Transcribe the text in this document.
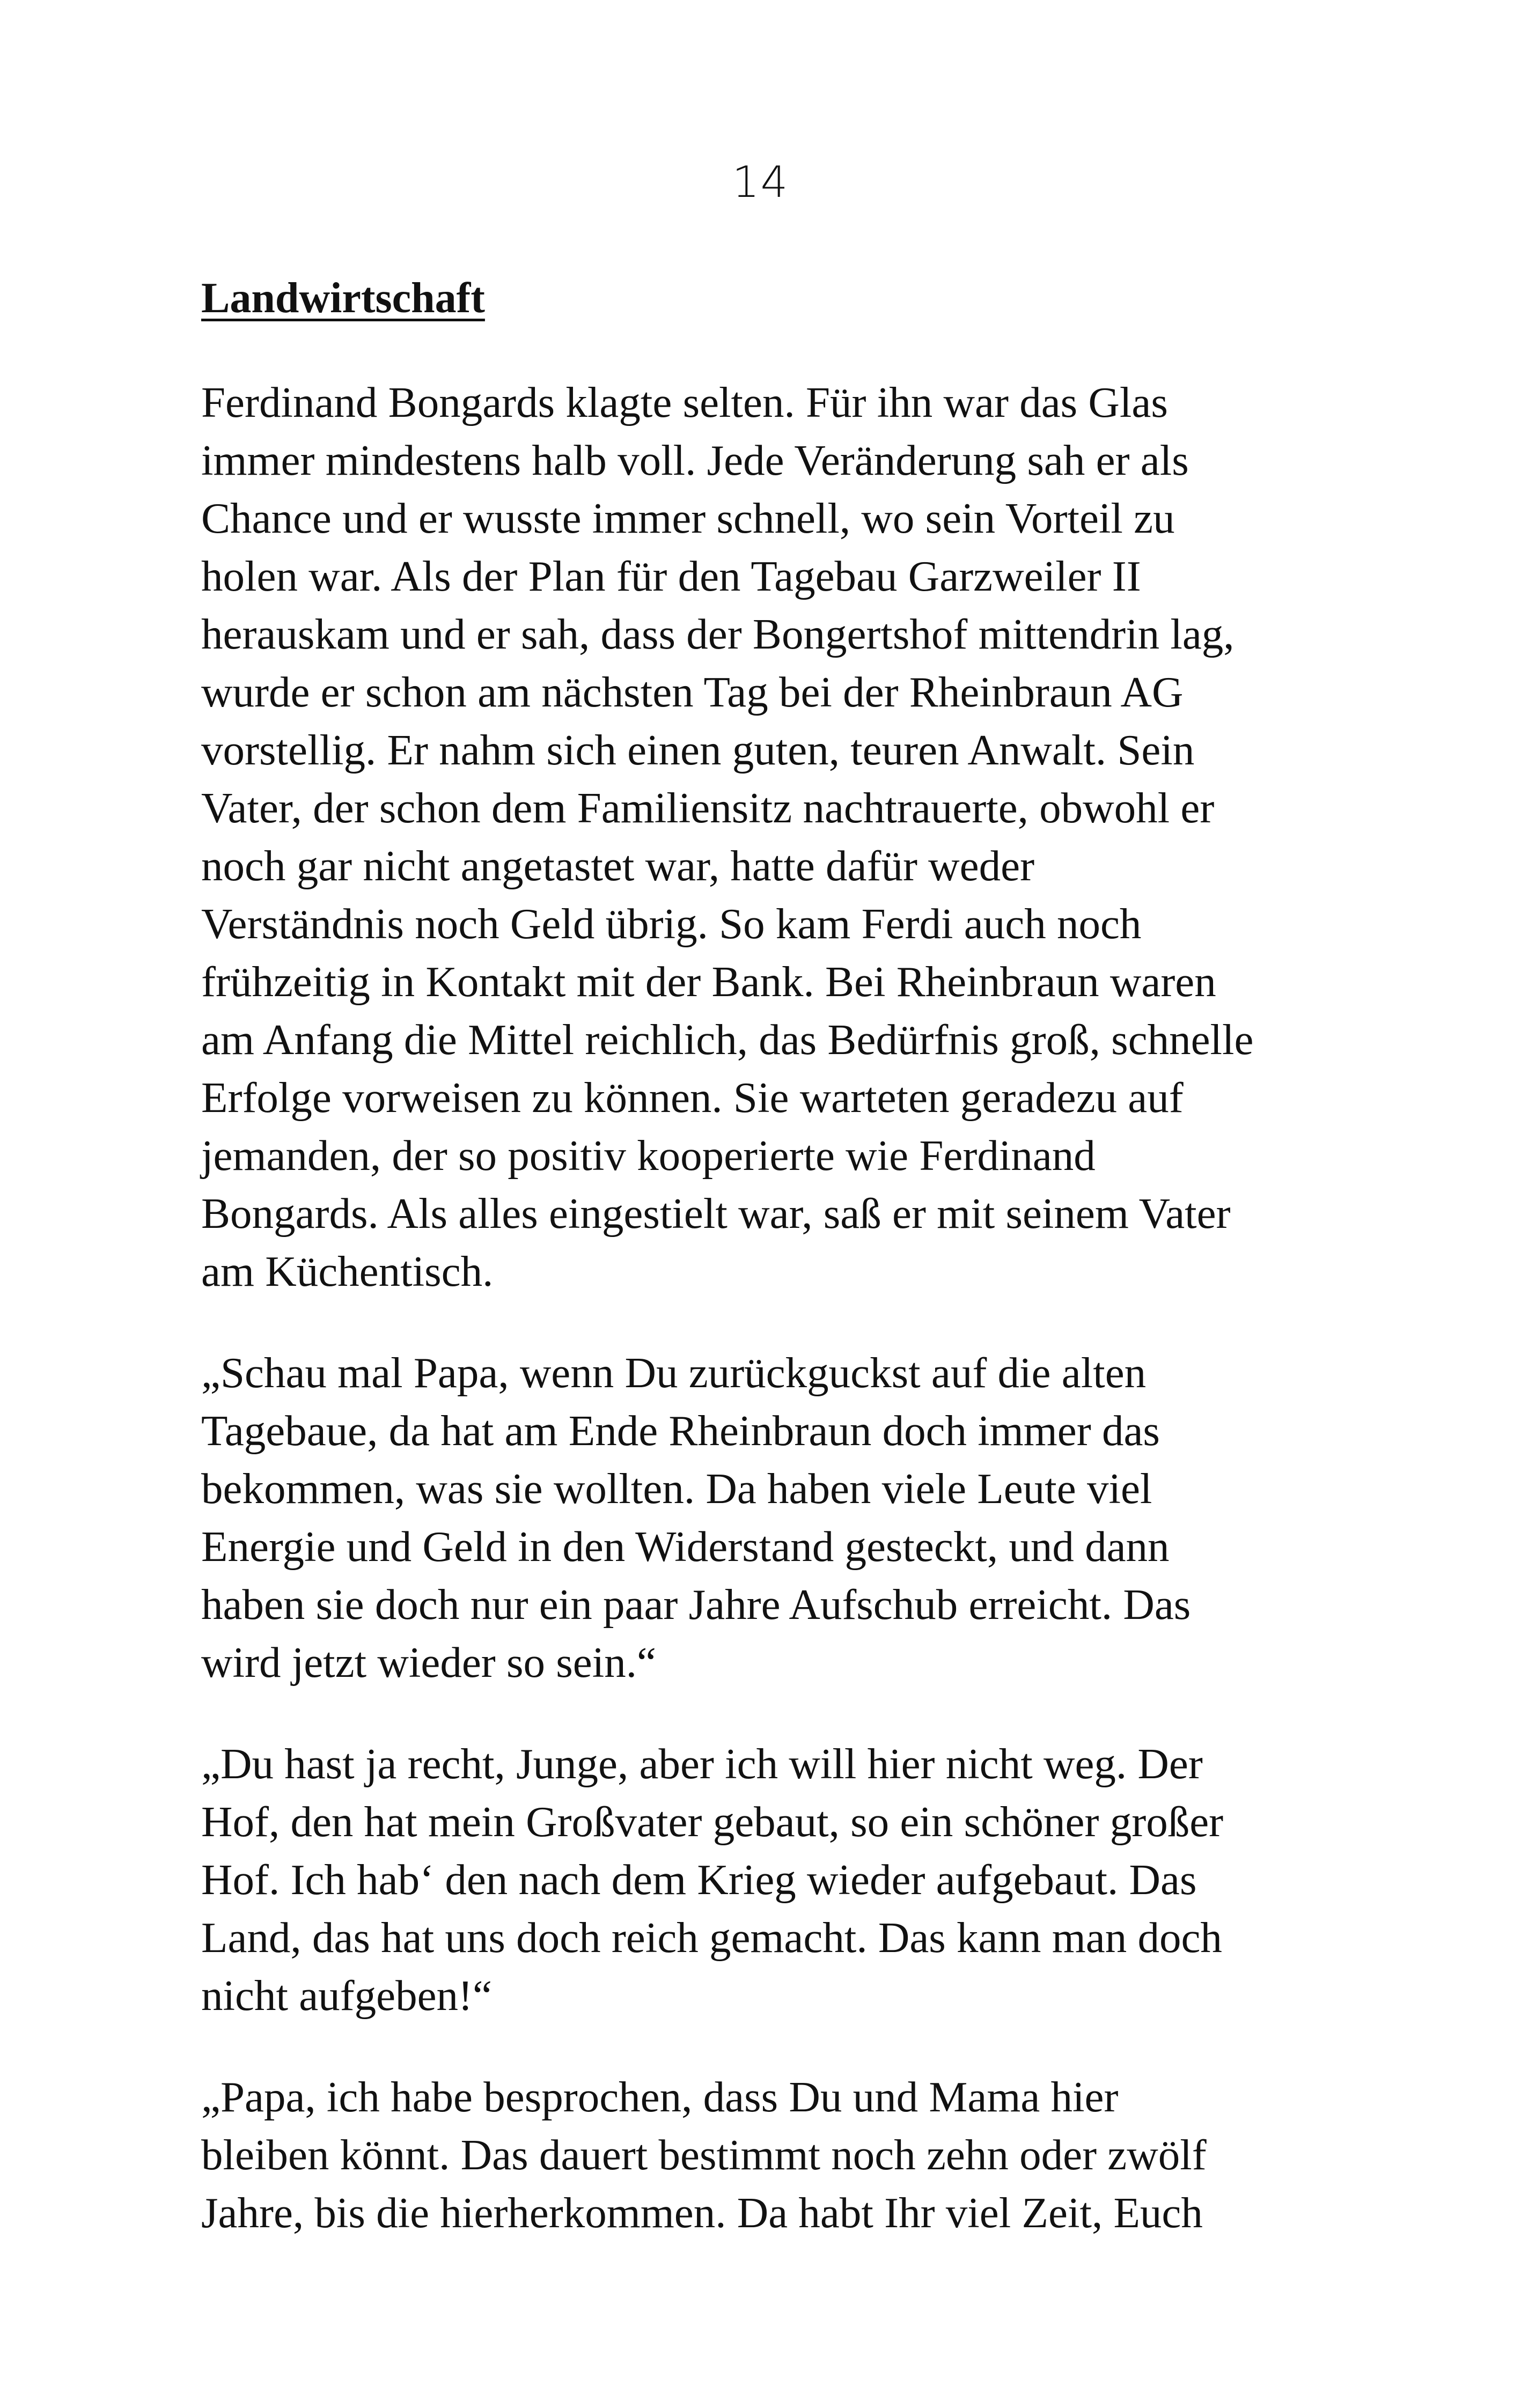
14
Landwirtschaft

Ferdinand Bongards klagte selten. Für ihn war das Glas
immer mindestens halb voll. Jede Veränderung sah er als
Chance und er wusste immer schnell, wo sein Vorteil zu
holen war. Als der Plan für den Tagebau Garzweiler II
herauskam und er sah, dass der Bongertshof mittendrin lag,
wurde er schon am nächsten Tag bei der Rheinbraun AG
vorstellig. Er nahm sich einen guten, teuren Anwalt. Sein
Vater, der schon dem Familiensitz nachtrauerte, obwohl er
noch gar nicht angetastet war, hatte dafür weder
Verständnis noch Geld übrig. So kam Ferdi auch noch
frühzeitig in Kontakt mit der Bank. Bei Rheinbraun waren
am Anfang die Mittel reichlich, das Bedürfnis groß, schnelle
Erfolge vorweisen zu können. Sie warteten geradezu auf
jemanden, der so positiv kooperierte wie Ferdinand
Bongards. Als alles eingestielt war, saß er mit seinem Vater
am Küchentisch.

„Schau mal Papa, wenn Du zurückguckst auf die alten
Tagebaue, da hat am Ende Rheinbraun doch immer das
bekommen, was sie wollten. Da haben viele Leute viel
Energie und Geld in den Widerstand gesteckt, und dann
haben sie doch nur ein paar Jahre Aufschub erreicht. Das
wird jetzt wieder so sein.“

„Du hast ja recht, Junge, aber ich will hier nicht weg. Der
Hof, den hat mein Großvater gebaut, so ein schöner großer
Hof. Ich hab‘ den nach dem Krieg wieder aufgebaut. Das
Land, das hat uns doch reich gemacht. Das kann man doch
nicht aufgeben!“

„Papa, ich habe besprochen, dass Du und Mama hier
bleiben könnt. Das dauert bestimmt noch zehn oder zwölf
Jahre, bis die hierherkommen. Da habt Ihr viel Zeit, Euch
